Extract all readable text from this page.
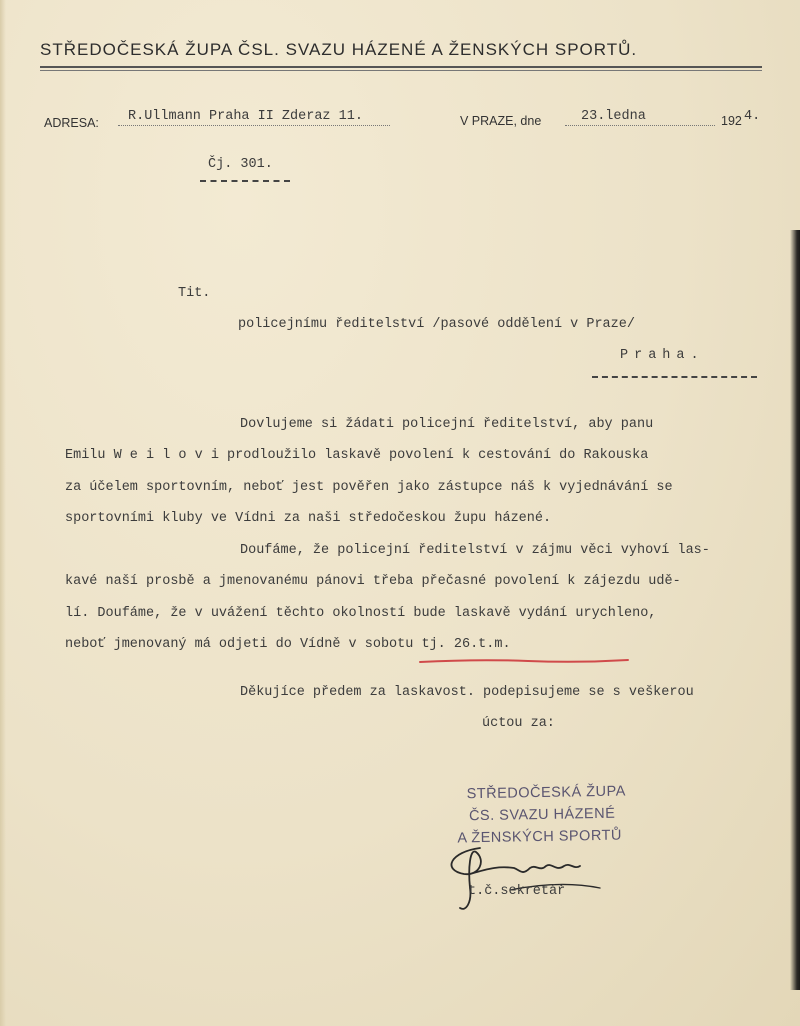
STŘEDOČESKÁ ŽUPA ČSL. SVAZU HÁZENÉ A ŽENSKÝCH SPORTŮ.
ADRESA: R.Ullmann Praha II Zderaz 11.	V PRAZE, dne	23.ledna	192 4.
Čj. 301.
Tit.
policejnímu ředitelství /pasové oddělení v Praze/
Praha.
Dovlujeme si žádati policejní ředitelství, aby panu
Emilu W e i l o v i prodloužilo laskavě povolení k cestování do Rakouska
za účelem sportovním, neboť jest pověřen jako zástupce náš k vyjednávání se
sportovními kluby ve Vídni za naši středočeskou župu házené.
Doufáme, že policejní ředitelství v zájmu věci vyhoví las-
kavé naší prosbě a jmenovanému pánovi třeba přečasné povolení k zájezdu udě-
lí. Doufáme, že v uvážení těchto okolností bude laskavě vydání urychleno,
neboť jmenovaný má odjeti do Vídně v sobotu tj. 26.t.m.
Děkujíce předem za laskavost. podepisujeme se s veškerou
úctou za:
STŘEDOČESKÁ ŽUPA
ČS. SVAZU HÁZENÉ
A ŽENSKÝCH SPORTŮ
t.č.sekretář
